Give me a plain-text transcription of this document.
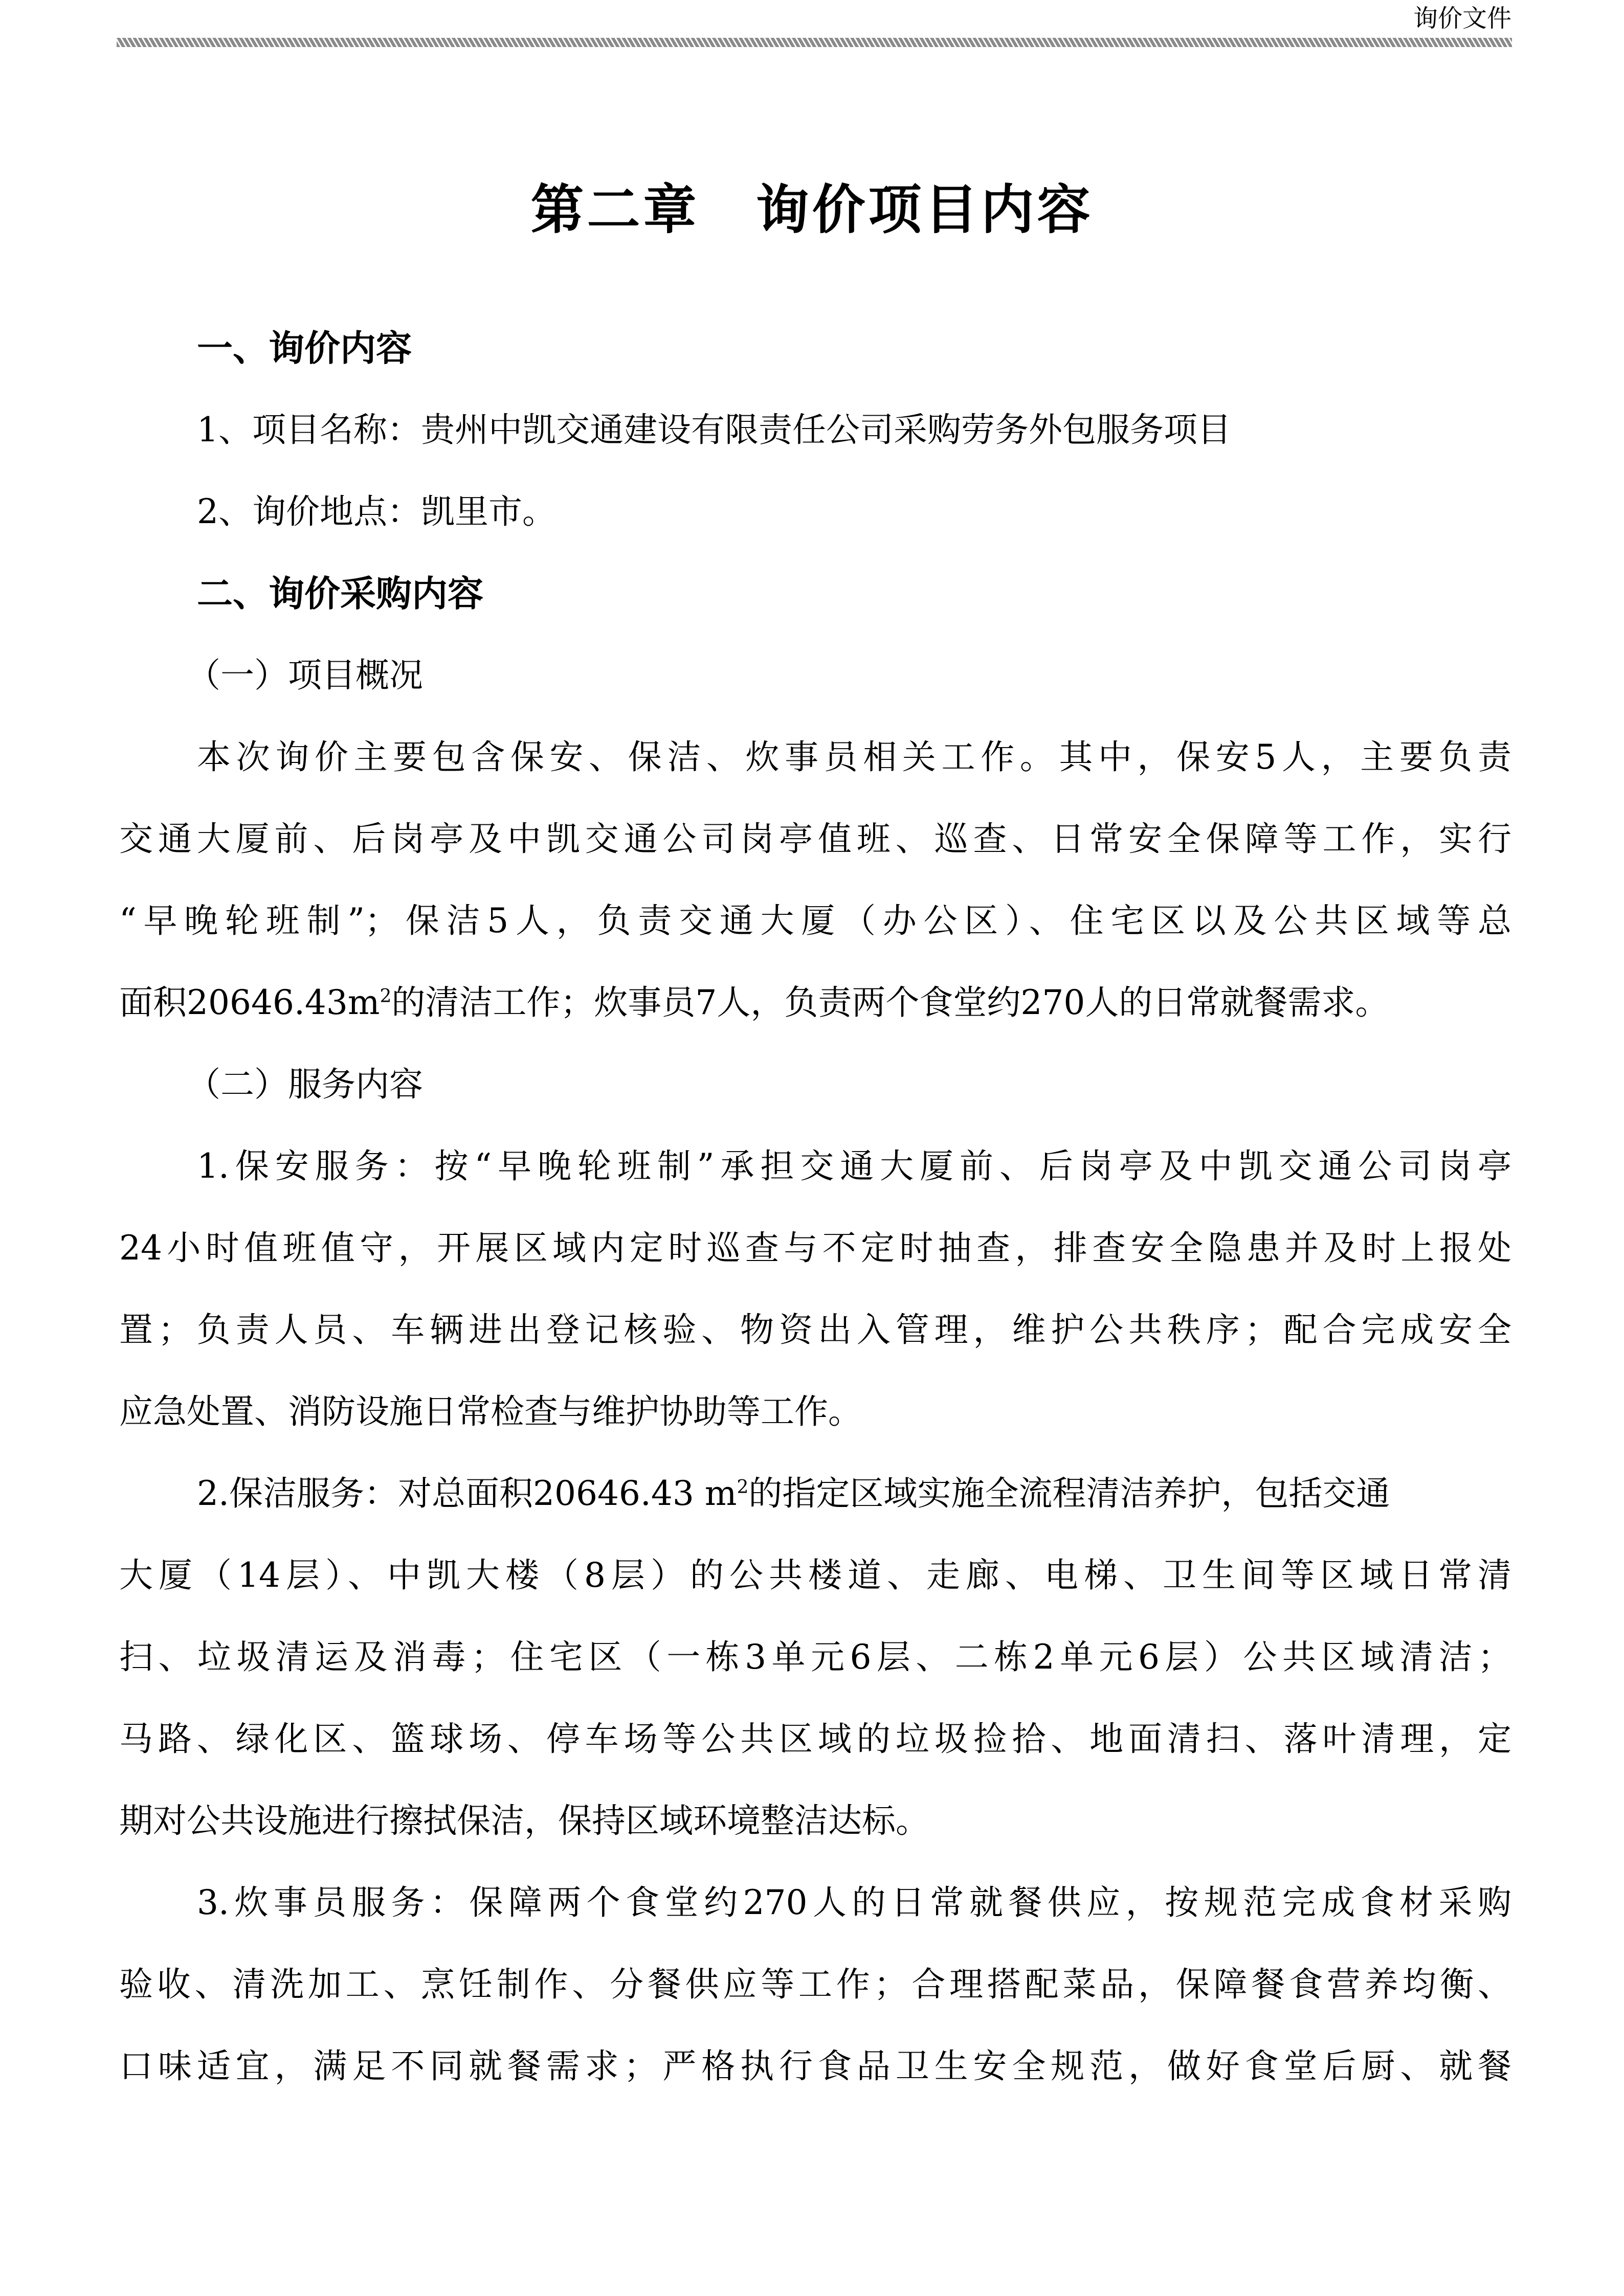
询价文件
第二章 询价项目内容
一、询价内容
1、项目名称：贵州中凯交通建设有限责任公司采购劳务外包服务项目
2、询价地点：凯里市。
二、询价采购内容
（一）项目概况
本次询价主要包含保安、保洁、炊事员相关工作。其中，保安5人，主要负责
交通大厦前、后岗亭及中凯交通公司岗亭值班、巡查、日常安全保障等工作，实行
“早晚轮班制”；保洁5人，负责交通大厦（办公区）、住宅区以及公共区域等总
面积$20646.43m^2$的清洁工作；炊事员7人，负责两个食堂约270人的日常就餐需求。
（二）服务内容
1.保安服务：按“早晚轮班制”承担交通大厦前、后岗亭及中凯交通公司岗亭
24小时值班值守，开展区域内定时巡查与不定时抽查，排查安全隐患并及时上报处
置；负责人员、车辆进出登记核验、物资出入管理，维护公共秩序；配合完成安全
应急处置、消防设施日常检查与维护协助等工作。
2.保洁服务：对总面积20646.43 $m^2$的指定区域实施全流程清洁养护，包括交通
大厦（14层）、中凯大楼（8层）的公共楼道、走廊、电梯、卫生间等区域日常清
扫、垃圾清运及消毒；住宅区（一栋3单元6层、二栋2单元6层）公共区域清洁；
马路、绿化区、篮球场、停车场等公共区域的垃圾捡拾、地面清扫、落叶清理，定
期对公共设施进行擦拭保洁，保持区域环境整洁达标。
3.炊事员服务：保障两个食堂约270人的日常就餐供应，按规范完成食材采购
验收、清洗加工、烹饪制作、分餐供应等工作；合理搭配菜品，保障餐食营养均衡、
口味适宜，满足不同就餐需求；严格执行食品卫生安全规范，做好食堂后厨、就餐
